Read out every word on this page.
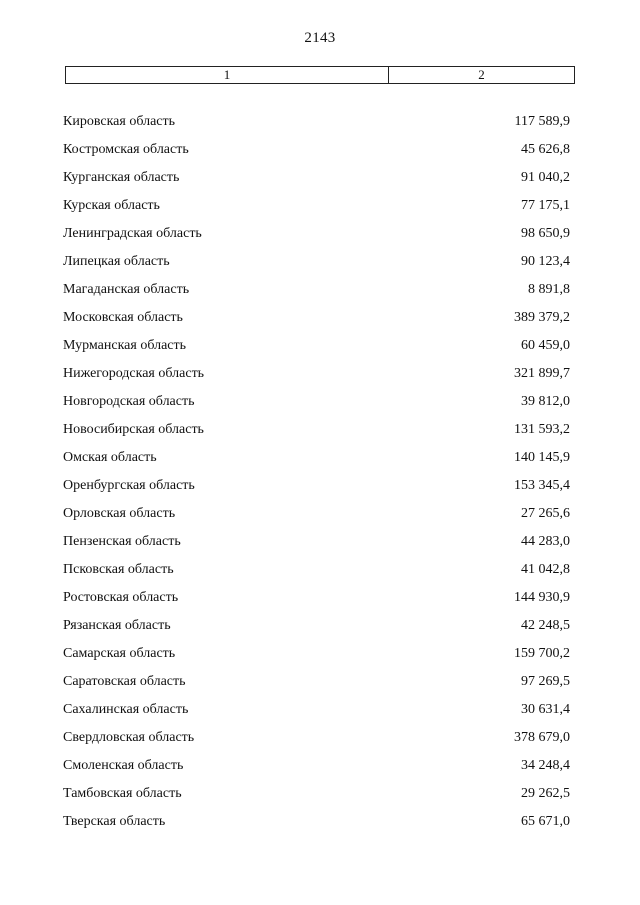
2143
1	2
Кировская область	117 589,9
Костромская область	45 626,8
Курганская область	91 040,2
Курская область	77 175,1
Ленинградская область	98 650,9
Липецкая область	90 123,4
Магаданская область	8 891,8
Московская область	389 379,2
Мурманская область	60 459,0
Нижегородская область	321 899,7
Новгородская область	39 812,0
Новосибирская область	131 593,2
Омская область	140 145,9
Оренбургская область	153 345,4
Орловская область	27 265,6
Пензенская область	44 283,0
Псковская область	41 042,8
Ростовская область	144 930,9
Рязанская область	42 248,5
Самарская область	159 700,2
Саратовская область	97 269,5
Сахалинская область	30 631,4
Свердловская область	378 679,0
Смоленская область	34 248,4
Тамбовская область	29 262,5
Тверская область	65 671,0
